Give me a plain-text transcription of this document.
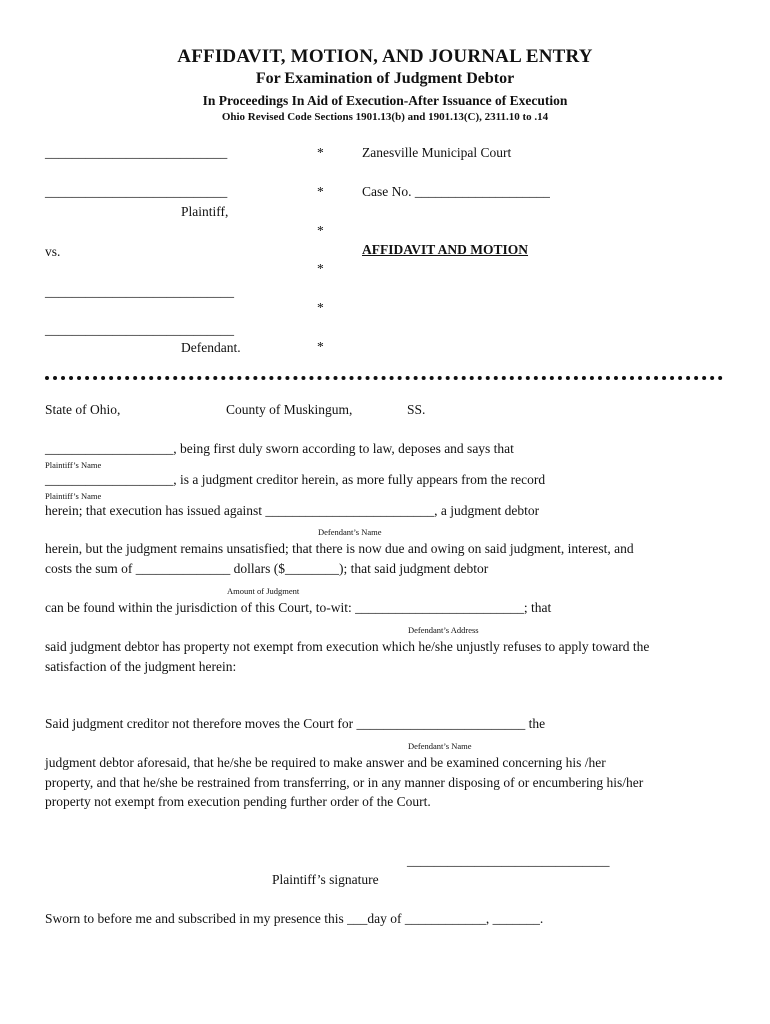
AFFIDAVIT, MOTION, AND JOURNAL ENTRY
For Examination of Judgment Debtor
In Proceedings In Aid of Execution-After Issuance of Execution
Ohio Revised Code Sections 1901.13(b) and 1901.13(C), 2311.10 to .14
___________________________
___________________________
Plaintiff,
vs.
____________________________
____________________________
Defendant.
*
*
*
*
*
*
Zanesville Municipal Court
Case No. ____________________
AFFIDAVIT AND MOTION
State of Ohio,	County of Muskingum,	SS.
___________________, being first duly sworn according to law, deposes and says that
Plaintiff’s Name
___________________, is a judgment creditor herein, as more fully appears from the record
Plaintiff’s Name
herein; that execution has issued against _________________________, a judgment debtor
Defendant’s Name
herein, but the judgment remains unsatisfied; that there is now due and owing on said judgment, interest, and
costs the sum of ______________ dollars ($________); that said judgment debtor
Amount of Judgment
can be found within the jurisdiction of this Court, to-wit: _________________________; that
Defendant’s Address
said judgment debtor has property not exempt from execution which he/she unjustly refuses to apply toward the
satisfaction of the judgment herein:
Said judgment creditor not therefore moves the Court for _________________________ the
Defendant’s Name
judgment debtor aforesaid, that he/she be required to make answer and be examined concerning his /her
property, and that he/she be restrained from transferring, or in any manner disposing of or encumbering his/her
property not exempt from execution pending further order of the Court.
______________________________
Plaintiff’s signature
Sworn to before me and subscribed in my presence this ___day of ____________, _______.
